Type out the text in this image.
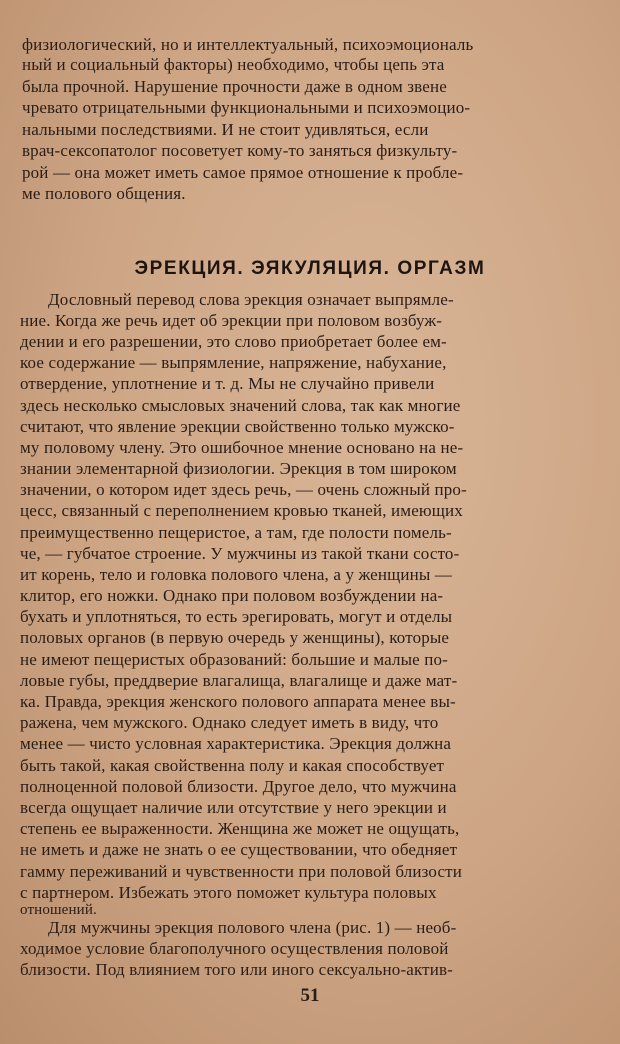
физиологический, но и интеллектуальный, психоэмоциональ
ный и социальный факторы) необходимо, чтобы цепь эта
была прочной. Нарушение прочности даже в одном звене
чревато отрицательными функциональными и психоэмоцио-
нальными последствиями. И не стоит удивляться, если
врач-сексопатолог посоветует кому-то заняться физкульту-
рой — она может иметь самое прямое отношение к пробле-
ме полового общения.
ЭРЕКЦИЯ. ЭЯКУЛЯЦИЯ. ОРГАЗМ
Дословный перевод слова эрекция означает выпрямле-
ние. Когда же речь идет об эрекции при половом возбуж-
дении и его разрешении, это слово приобретает более ем-
кое содержание — выпрямление, напряжение, набухание,
отвердение, уплотнение и т. д. Мы не случайно привели
здесь несколько смысловых значений слова, так как многие
считают, что явление эрекции свойственно только мужско-
му половому члену. Это ошибочное мнение основано на не-
знании элементарной физиологии. Эрекция в том широком
значении, о котором идет здесь речь, — очень сложный про-
цесс, связанный с переполнением кровью тканей, имеющих
преимущественно пещеристое, а там, где полости помель-
че, — губчатое строение. У мужчины из такой ткани состо-
ит корень, тело и головка полового члена, а у женщины —
клитор, его ножки. Однако при половом возбуждении на-
бухать и уплотняться, то есть эрегировать, могут и отделы
половых органов (в первую очередь у женщины), которые
не имеют пещеристых образований: большие и малые по-
ловые губы, преддверие влагалища, влагалище и даже мат-
ка. Правда, эрекция женского полового аппарата менее вы-
ражена, чем мужского. Однако следует иметь в виду, что
менее — чисто условная характеристика. Эрекция должна
быть такой, какая свойственна полу и какая способствует
полноценной половой близости. Другое дело, что мужчина
всегда ощущает наличие или отсутствие у него эрекции и
степень ее выраженности. Женщина же может не ощущать,
не иметь и даже не знать о ее существовании, что обедняет
гамму переживаний и чувственности при половой близости
с партнером. Избежать этого поможет культура половых
отношений.
Для мужчины эрекция полового члена (рис. 1) — необ-
ходимое условие благополучного осуществления половой
близости. Под влиянием того или иного сексуально-актив-
51
